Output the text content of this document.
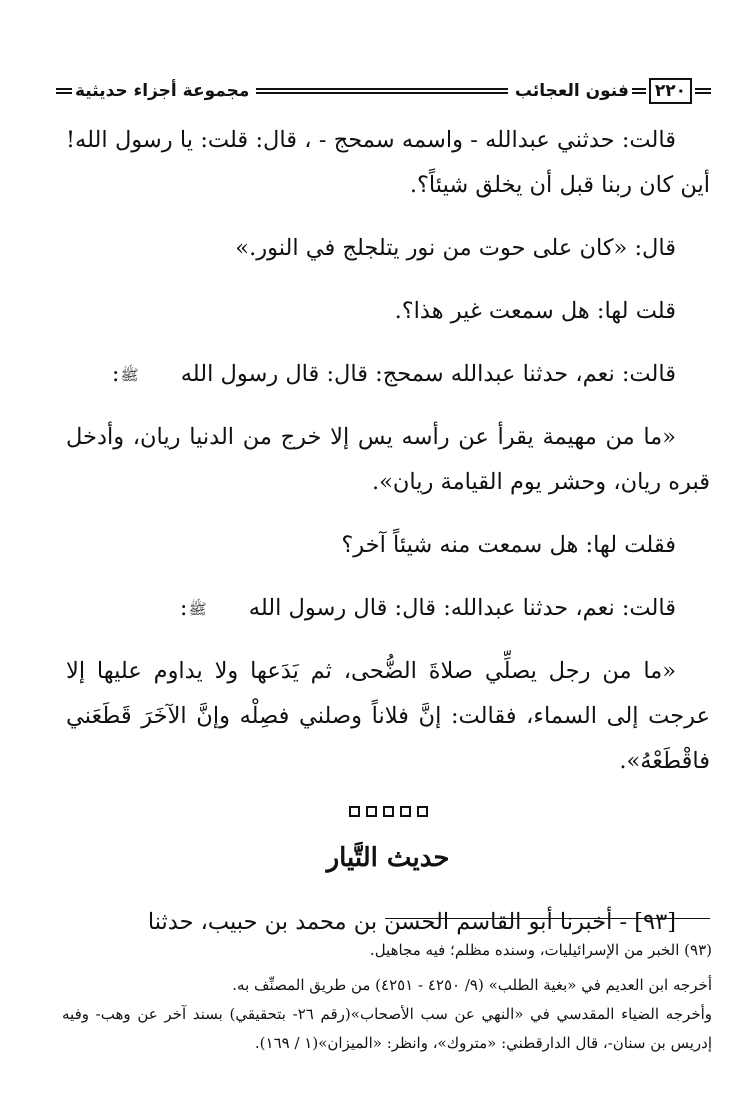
٢٢٠
فنون العجائب
مجموعة أجزاء حديثية

قالت: حدثني عبدالله - واسمه سمحج - ، قال: قلت: يا رسول الله! أين كان ربنا قبل أن يخلق شيئاً؟.

قال: «كان على حوت من نور يتلجلج في النور.»

قلت لها: هل سمعت غير هذا؟.

قالت: نعم، حدثنا عبدالله سمحج: قال: قال رسول الله ﷺ:

«ما من مهيمة يقرأ عن رأسه يس إلا خرج من الدنيا ريان، وأدخل قبره ريان، وحشر يوم القيامة ريان».

فقلت لها: هل سمعت منه شيئاً آخر؟

قالت: نعم، حدثنا عبدالله: قال: قال رسول الله ﷺ:

«ما من رجل يصلِّي صلاةَ الضُّحى، ثم يَدَعها ولا يداوم عليها إلا عرجت إلى السماء، فقالت: إنَّ فلاناً وصلني فصِلْه وإنَّ الآخَرَ قَطَعَني فاقْطَعْهُ».

حديث التَّيار

[٩٣] - أخبرنا أبو القاسم الحسن بن محمد بن حبيب، حدثنا

(٩٣) الخبر من الإسرائيليات، وسنده مظلم؛ فيه مجاهيل.

أخرجه ابن العديم في «بغية الطلب» (٩/ ٤٢٥٠ - ٤٢٥١) من طريق المصنِّف به.

وأخرجه الضياء المقدسي في «النهي عن سب الأصحاب»(رقم ٢٦- بتحقيقي) بسند آخر عن وهب- وفيه إدريس بن سنان-، قال الدارقطني: «متروك»، وانظر: «الميزان»(١ / ١٦٩).
